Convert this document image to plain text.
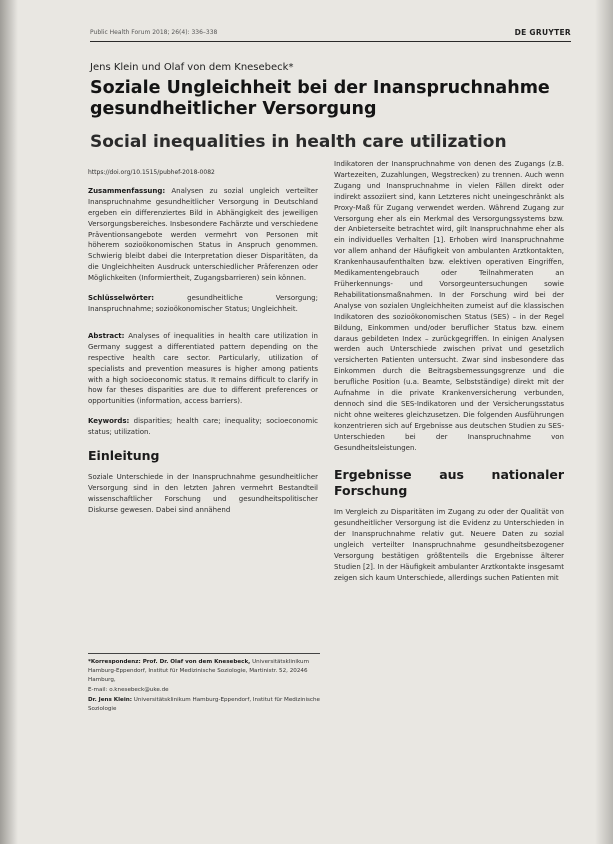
Public Health Forum 2018; 26(4): 336–338	DE GRUYTER
Jens Klein und Olaf von dem Knesebeck*
Soziale Ungleichheit bei der Inanspruchnahme gesundheitlicher Versorgung
Social inequalities in health care utilization

https://doi.org/10.1515/pubhef-2018-0082

Zusammenfassung: Analysen zu sozial ungleich verteilter Inanspruchnahme gesundheitlicher Versorgung in Deutschland ergeben ein differenziertes Bild in Abhängigkeit des jeweiligen Versorgungsbereiches. Insbesondere Fachärzte und verschiedene Präventionsangebote werden vermehrt von Personen mit höherem sozioökonomischen Status in Anspruch genommen. Schwierig bleibt dabei die Interpretation dieser Disparitäten, da die Ungleichheiten Ausdruck unterschiedlicher Präferenzen oder Möglichkeiten (Informiertheit, Zugangsbarrieren) sein können.

Schlüsselwörter:	gesundheitliche Versorgung; Inanspruchnahme; sozioökonomischer Status; Ungleichheit.

Abstract: Analyses of inequalities in health care utilization in Germany suggest a differentiated pattern depending on the respective health care sector. Particularly, utilization of specialists and prevention measures is higher among patients with a high socioeconomic status. It remains difficult to clarify in how far theses disparities are due to different preferences or opportunities (information, access barriers).

Keywords: disparities; health care; inequality; socioeconomic status; utilization.

Einleitung

Soziale Unterschiede in der Inanspruchnahme gesundheitlicher Versorgung sind in den letzten Jahren vermehrt Bestandteil wissenschaftlicher Forschung und gesundheitspolitischer Diskurse gewesen. Dabei sind annähend

*Korrespondenz: Prof. Dr. Olaf von dem Knesebeck, Universitätsklinikum Hamburg-Eppendorf, Institut für Medizinische Soziologie, Martinistr. 52, 20246 Hamburg,

E-mail: o.knesebeck@uke.de

Dr. Jens Klein: Universitätsklinikum Hamburg-Eppendorf, Institut für Medizinische Soziologie

Indikatoren der Inanspruchnahme von denen des Zugangs (z.B. Wartezeiten, Zuzahlungen, Wegstrecken) zu trennen. Auch wenn Zugang und Inanspruchnahme in vielen Fällen direkt oder indirekt assoziiert sind, kann Letzteres nicht uneingeschränkt als Proxy-Maß für Zugang verwendet werden. Während Zugang zur Versorgung eher als ein Merkmal des Versorgungssystems bzw. der Anbieterseite betrachtet wird, gilt Inanspruchnahme eher als ein individuelles Verhalten [1]. Erhoben wird Inanspruchnahme vor allem anhand der Häufigkeit von ambulanten Arztkontakten, Krankenhausaufenthalten bzw. elektiven operativen Eingriffen, Medikamentengebrauch oder Teilnahmeraten an Früherkennungs- und Vorsorgeuntersuchungen sowie Rehabilitationsmaßnahmen. In der Forschung wird bei der Analyse von sozialen Ungleichheiten zumeist auf die klassischen Indikatoren des sozioökonomischen Status (SES) – in der Regel Bildung, Einkommen und/oder beruflicher Status bzw. einem daraus gebildeten Index – zurückgegriffen. In einigen Analysen werden auch Unterschiede zwischen privat und gesetzlich versicherten Patienten untersucht. Zwar sind insbesondere das Einkommen durch die Beitragsbemessungsgrenze und die berufliche Position (u.a. Beamte, Selbstständige) direkt mit der Aufnahme in die private Krankenversicherung verbunden, dennoch sind die SES-Indikatoren und der Versicherungsstatus nicht ohne weiteres gleichzusetzen. Die folgenden Ausführungen konzentrieren sich auf Ergebnisse aus deutschen Studien zu SES-Unterschieden bei der Inanspruchnahme von Gesundheitsleistungen.

Ergebnisse aus nationaler Forschung

Im Vergleich zu Disparitäten im Zugang zu oder der Qualität von gesundheitlicher Versorgung ist die Evidenz zu Unterschieden in der Inanspruchnahme relativ gut. Neuere Daten zu sozial ungleich verteilter Inanspruchnahme gesundheitsbezogener Versorgung bestätigen größtenteils die Ergebnisse älterer Studien [2]. In der Häufigkeit ambulanter Arztkontakte insgesamt zeigen sich kaum Unterschiede, allerdings suchen Patienten mit
